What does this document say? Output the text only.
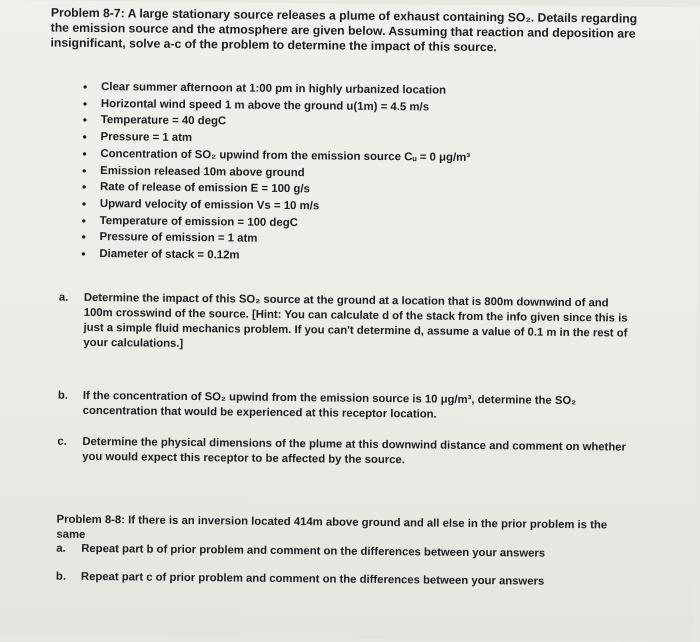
Problem 8-7: A large stationary source releases a plume of exhaust containing SO₂. Details regarding the emission source and the atmosphere are given below. Assuming that reaction and deposition are insignificant, solve a-c of the problem to determine the impact of this source.
• Clear summer afternoon at 1:00 pm in highly urbanized location
• Horizontal wind speed 1 m above the ground u(1m) = 4.5 m/s
• Temperature = 40 degC
• Pressure = 1 atm
• Concentration of SO₂ upwind from the emission source Cᵤ = 0 μg/m³
• Emission released 10m above ground
• Rate of release of emission E = 100 g/s
• Upward velocity of emission Vs = 10 m/s
• Temperature of emission = 100 degC
• Pressure of emission = 1 atm
• Diameter of stack = 0.12m
a. Determine the impact of this SO₂ source at the ground at a location that is 800m downwind of and 100m crosswind of the source. [Hint: You can calculate d of the stack from the info given since this is just a simple fluid mechanics problem. If you can't determine d, assume a value of 0.1 m in the rest of your calculations.]
b. If the concentration of SO₂ upwind from the emission source is 10 μg/m³, determine the SO₂ concentration that would be experienced at this receptor location.
c. Determine the physical dimensions of the plume at this downwind distance and comment on whether you would expect this receptor to be affected by the source.
Problem 8-8: If there is an inversion located 414m above ground and all else in the prior problem is the same
a. Repeat part b of prior problem and comment on the differences between your answers
b. Repeat part c of prior problem and comment on the differences between your answers
